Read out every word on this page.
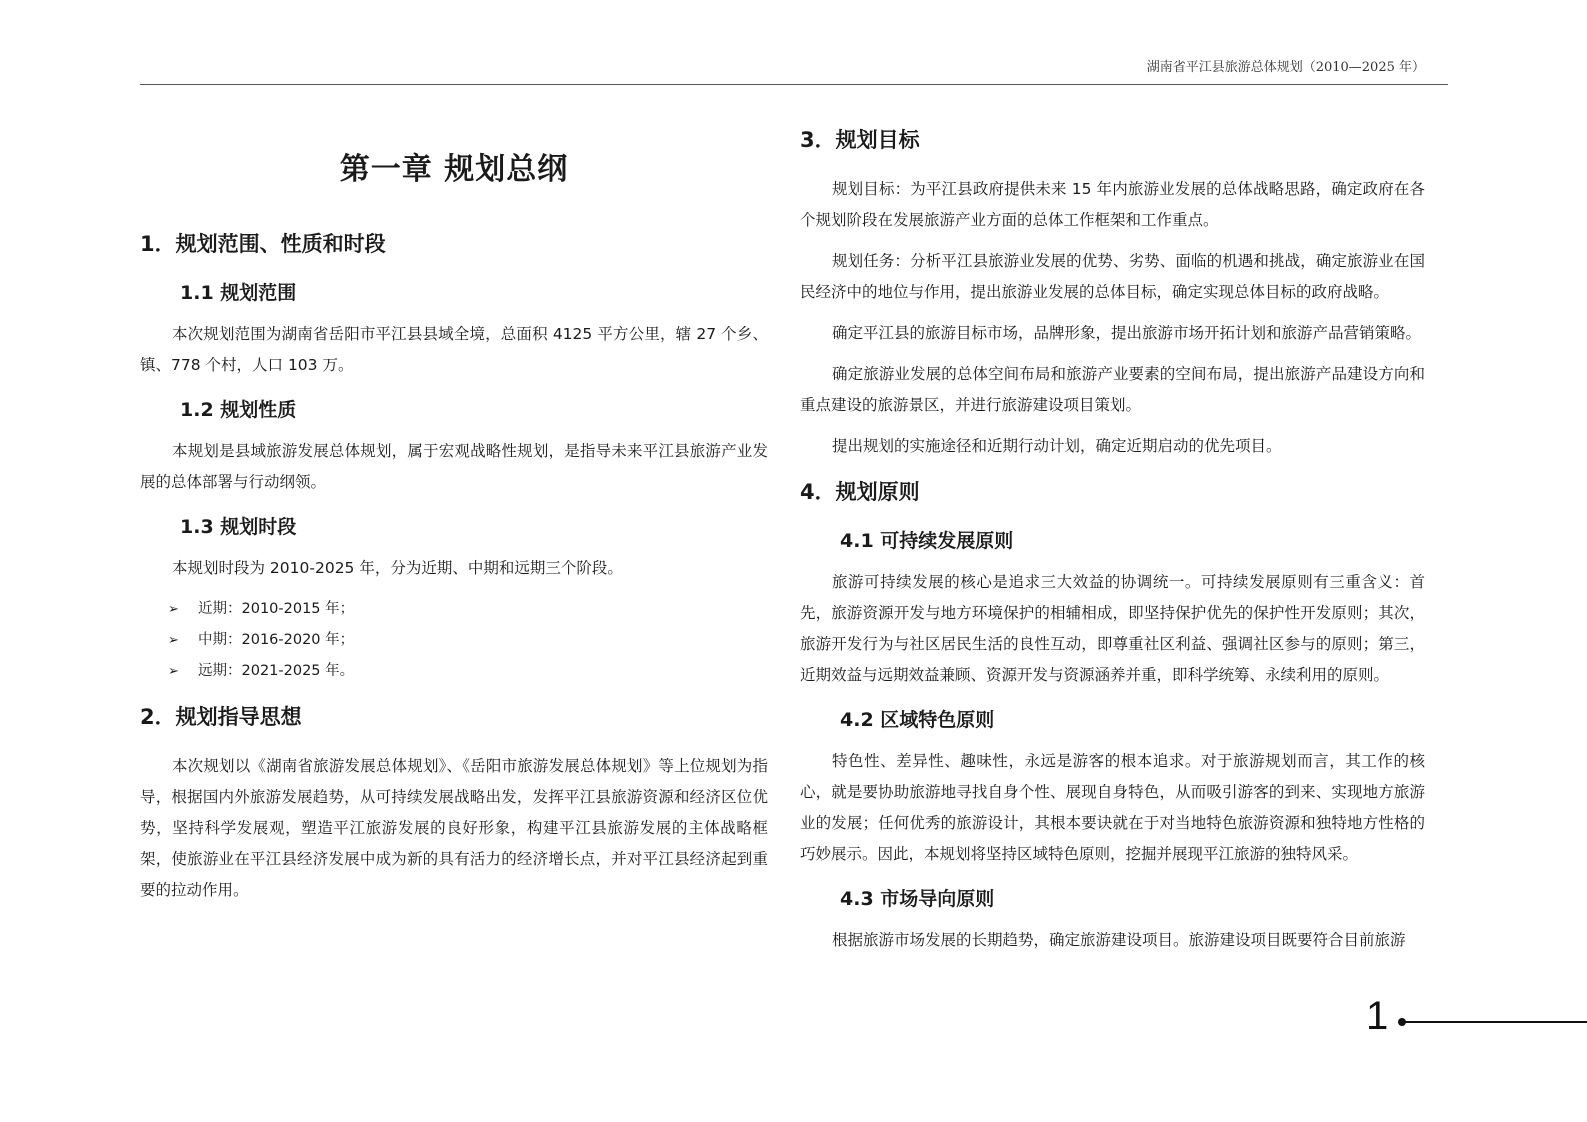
湖南省平江县旅游总体规划（2010—2025 年）
第一章 规划总纲
1．规划范围、性质和时段
1.1 规划范围

本次规划范围为湖南省岳阳市平江县县域全境，总面积 4125 平方公里，辖 27 个乡、镇、778 个村，人口 103 万。

1.2 规划性质

本规划是县域旅游发展总体规划，属于宏观战略性规划，是指导未来平江县旅游产业发展的总体部署与行动纲领。

1.3 规划时段

本规划时段为 2010-2025 年，分为近期、中期和远期三个阶段。

➢ 近期：2010-2015 年；
➢ 中期：2016-2020 年；
➢ 远期：2021-2025 年。
2．规划指导思想

本次规划以《湖南省旅游发展总体规划》、《岳阳市旅游发展总体规划》等上位规划为指导，根据国内外旅游发展趋势，从可持续发展战略出发，发挥平江县旅游资源和经济区位优势，坚持科学发展观，塑造平江旅游发展的良好形象，构建平江县旅游发展的主体战略框架，使旅游业在平江县经济发展中成为新的具有活力的经济增长点，并对平江县经济起到重要的拉动作用。

3．规划目标

规划目标：为平江县政府提供未来 15 年内旅游业发展的总体战略思路，确定政府在各个规划阶段在发展旅游产业方面的总体工作框架和工作重点。

规划任务：分析平江县旅游业发展的优势、劣势、面临的机遇和挑战，确定旅游业在国民经济中的地位与作用，提出旅游业发展的总体目标，确定实现总体目标的政府战略。

确定平江县的旅游目标市场，品牌形象，提出旅游市场开拓计划和旅游产品营销策略。

确定旅游业发展的总体空间布局和旅游产业要素的空间布局，提出旅游产品建设方向和重点建设的旅游景区，并进行旅游建设项目策划。

提出规划的实施途径和近期行动计划，确定近期启动的优先项目。

4．规划原则
4.1 可持续发展原则

旅游可持续发展的核心是追求三大效益的协调统一。可持续发展原则有三重含义：首先，旅游资源开发与地方环境保护的相辅相成，即坚持保护优先的保护性开发原则；其次，旅游开发行为与社区居民生活的良性互动，即尊重社区利益、强调社区参与的原则；第三，近期效益与远期效益兼顾、资源开发与资源涵养并重，即科学统筹、永续利用的原则。

4.2 区域特色原则

特色性、差异性、趣味性，永远是游客的根本追求。对于旅游规划而言，其工作的核心，就是要协助旅游地寻找自身个性、展现自身特色，从而吸引游客的到来、实现地方旅游业的发展；任何优秀的旅游设计，其根本要诀就在于对当地特色旅游资源和独特地方性格的巧妙展示。因此，本规划将坚持区域特色原则，挖掘并展现平江旅游的独特风采。

4.3 市场导向原则

根据旅游市场发展的长期趋势，确定旅游建设项目。旅游建设项目既要符合目前旅游

1
